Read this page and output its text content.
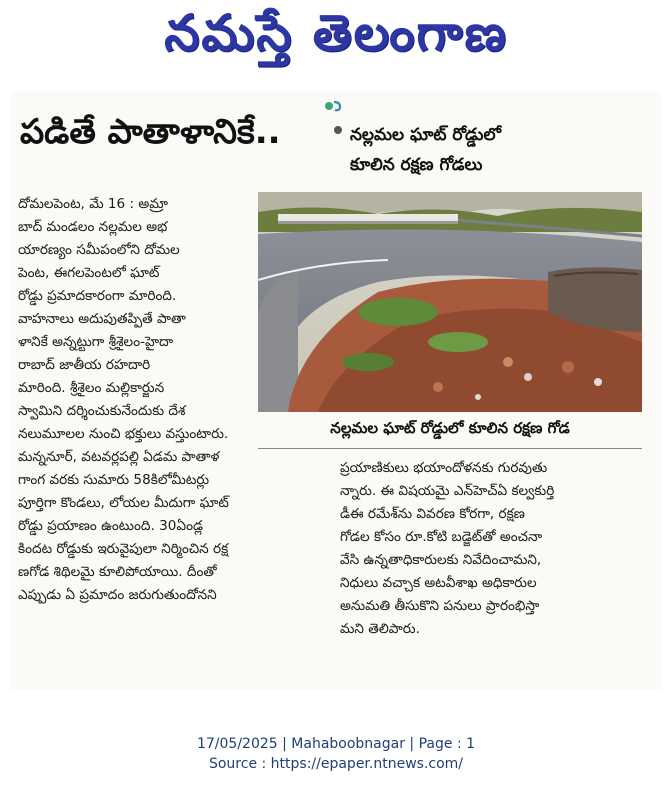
నమస్తే తెలంగాణ
పడితే పాతాళానికే..	నల్లమల ఘాట్ రోడ్డులో
కూలిన రక్షణ గోడలు

దోమలపెంట, మే 16 : అమ్రా
బాద్ మండలం నల్లమల అభ
యారణ్యం సమీపంలోని దోమల
పెంట, ఈగలపెంటలో ఘాట్
రోడ్డు ప్రమాదకారంగా మారింది.
వాహనాలు అదుపుతప్పితే పాతా
ళానికే అన్నట్టుగా శ్రీశైలం-హైదా
రాబాద్ జాతీయ రహదారి
మారింది. శ్రీశైలం మల్లికార్జున
స్వామిని దర్శించుకునేందుకు దేశ

నలుమూలల నుంచి భక్తులు వస్తుంటారు.
మన్ననూర్, వటవర్లపల్లి ఏడమ పాతాళ
గాంగ వరకు సుమారు 58కిలోమీటర్లు
పూర్తిగా కొండలు, లోయల మీదుగా ఘాట్
రోడ్డు ప్రయాణం ఉంటుంది. 30ఏండ్ల
కిందట రోడ్డుకు ఇరువైపులా నిర్మించిన రక్ష
ణగోడ శిథిలమై కూలిపోయాయి. దీంతో
ఎప్పుడు ఏ ప్రమాదం జరుగుతుందోనని

నల్లమల ఘాట్ రోడ్డులో కూలిన రక్షణ గోడ

ప్రయాణికులు భయాందోళనకు గురవుతు
న్నారు. ఈ విషయమై ఎన్‌హెచ్ఏ కల్వకుర్తి
డీఈ రమేశ్‌ను వివరణ కోరగా, రక్షణ
గోడల కోసం రూ.కోటి బడ్జెట్‌తో అంచనా
వేసి ఉన్నతాధికారులకు నివేదించామని,
నిధులు వచ్చాక అటవీశాఖ అధికారుల
అనుమతి తీసుకొని పనులు ప్రారంభిస్తా
మని తెలిపారు.

17/05/2025 | Mahaboobnagar | Page : 1
Source : https://epaper.ntnews.com/
